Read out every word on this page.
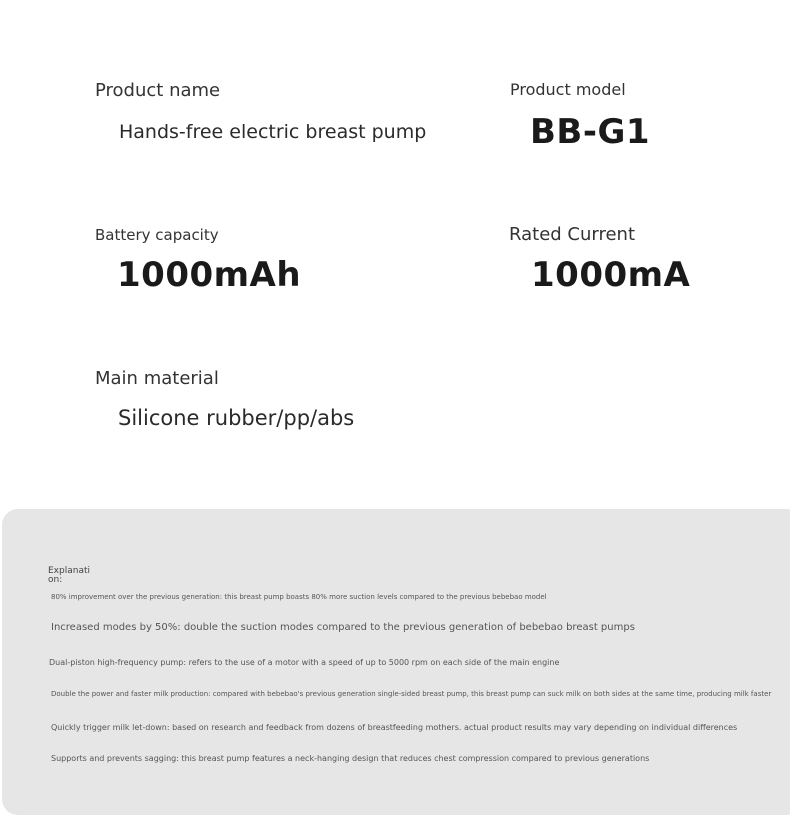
Product name
Hands-free electric breast pump
Product model
BB-G1
Battery capacity
1000mAh
Rated Current
1000mA
Main material
Silicone rubber/pp/abs
Explanation:
80% improvement over the previous generation: this breast pump boasts 80% more suction levels compared to the previous bebebao model
Increased modes by 50%: double the suction modes compared to the previous generation of bebebao breast pumps
Dual-piston high-frequency pump: refers to the use of a motor with a speed of up to 5000 rpm on each side of the main engine
Double the power and faster milk production: compared with bebebao's previous generation single-sided breast pump, this breast pump can suck milk on both sides at the same time, producing milk faster
Quickly trigger milk let-down: based on research and feedback from dozens of breastfeeding mothers. actual product results may vary depending on individual differences
Supports and prevents sagging: this breast pump features a neck-hanging design that reduces chest compression compared to previous generations
